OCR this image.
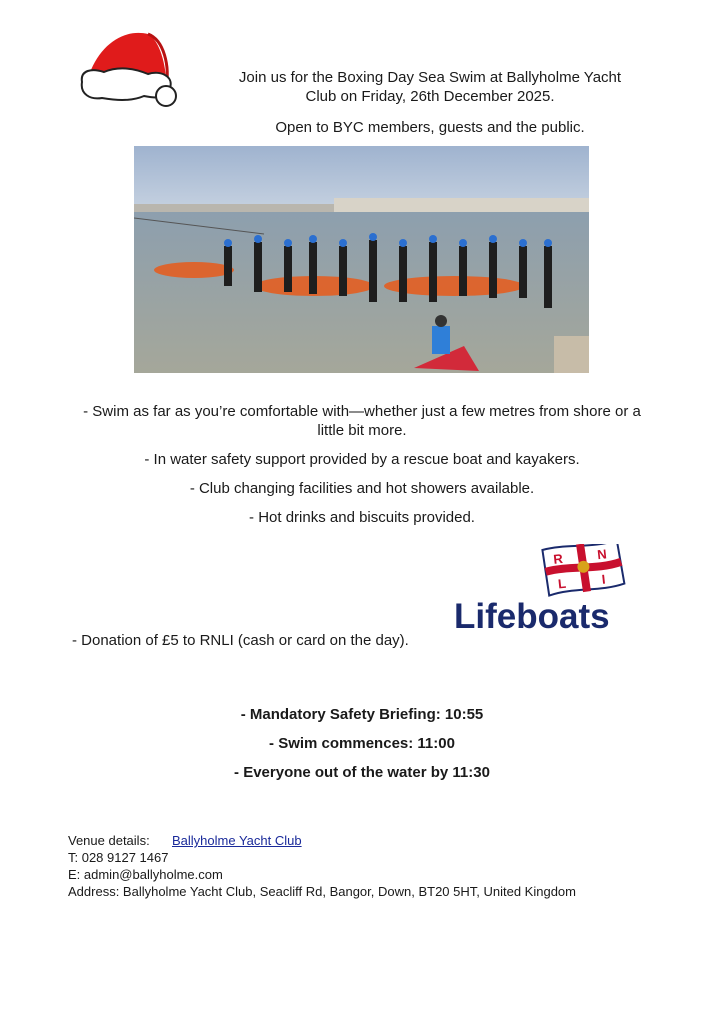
Join us for the Boxing Day Sea Swim at Ballyholme Yacht
Club on Friday, 26th December 2025.
Open to BYC members, guests and the public.

- Swim as far as you’re comfortable with—whether just a few metres from shore or a little bit more.

- In water safety support provided by a rescue boat and kayakers.

- Club changing facilities and hot showers available.

- Hot drinks and biscuits provided.

R	N
L	I
Lifeboats
- Donation of £5 to RNLI (cash or card on the day).

- Mandatory Safety Briefing: 10:55

- Swim commences: 11:00

- Everyone out of the water by 11:30

Venue details: Ballyholme Yacht Club
T: 028 9127 1467
E: admin@ballyholme.com
Address: Ballyholme Yacht Club, Seacliff Rd, Bangor, Down, BT20 5HT, United Kingdom
